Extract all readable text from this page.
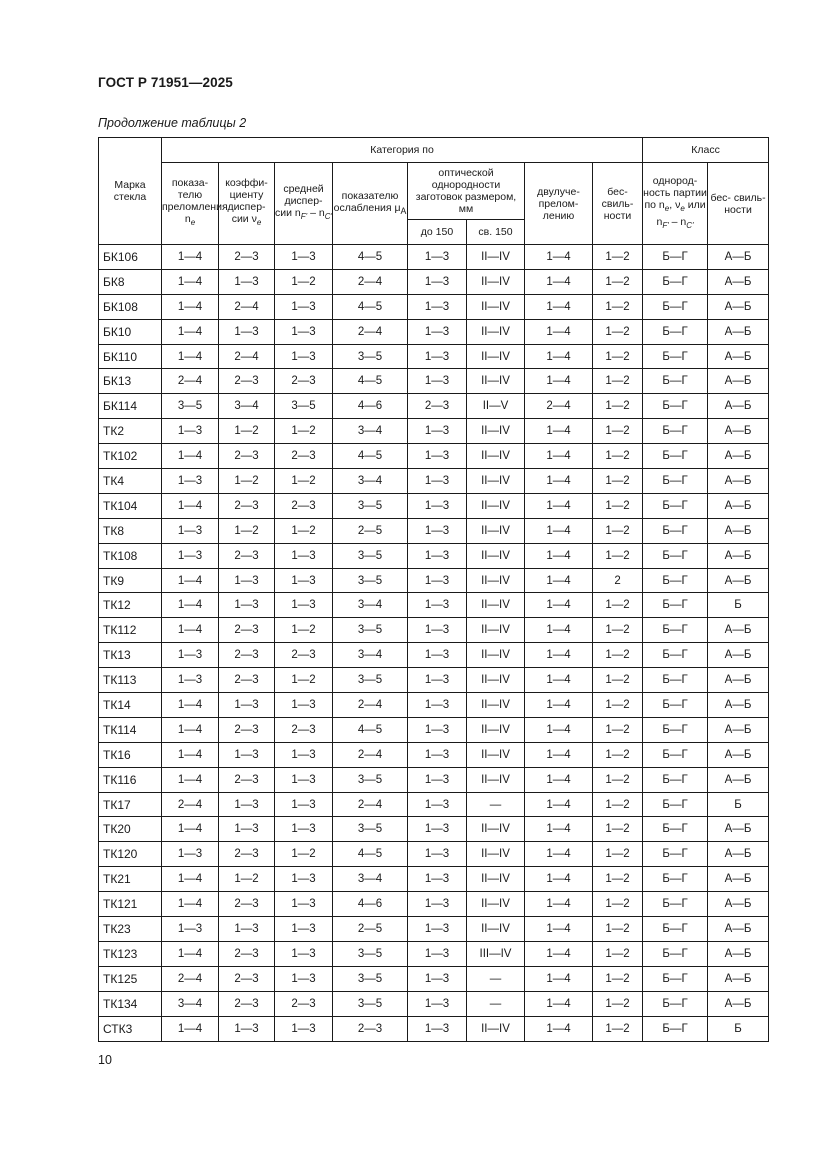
ГОСТ Р 71951—2025
Продолжение таблицы 2
Марка стекла	Категория по								Класс	
	показа- телю преломления $n_e$	коэффи- циенту диспер- сии $\nu_e$	средней диспер- сии $n_{F'} - n_{C'}$	показателю ослабления $\mu_A$	оптической однородности заготовок размером, мм		двулуче- прелом- лению	бес- свиль- ности	однород- ность партии по $n_e$, $\nu_e$ или $n_{F'} - n_{C'}$	бес- свиль- ности
					до 150	св. 150				
БК106	1—4	2—3	1—3	4—5	1—3	II—IV	1—4	1—2	Б—Г	А—Б
БК8	1—4	1—3	1—2	2—4	1—3	II—IV	1—4	1—2	Б—Г	А—Б
БК108	1—4	2—4	1—3	4—5	1—3	II—IV	1—4	1—2	Б—Г	А—Б
БК10	1—4	1—3	1—3	2—4	1—3	II—IV	1—4	1—2	Б—Г	А—Б
БК110	1—4	2—4	1—3	3—5	1—3	II—IV	1—4	1—2	Б—Г	А—Б
БК13	2—4	2—3	2—3	4—5	1—3	II—IV	1—4	1—2	Б—Г	А—Б
БК114	3—5	3—4	3—5	4—6	2—3	II—V	2—4	1—2	Б—Г	А—Б
ТК2	1—3	1—2	1—2	3—4	1—3	II—IV	1—4	1—2	Б—Г	А—Б
ТК102	1—4	2—3	2—3	4—5	1—3	II—IV	1—4	1—2	Б—Г	А—Б
ТК4	1—3	1—2	1—2	3—4	1—3	II—IV	1—4	1—2	Б—Г	А—Б
ТК104	1—4	2—3	2—3	3—5	1—3	II—IV	1—4	1—2	Б—Г	А—Б
ТК8	1—3	1—2	1—2	2—5	1—3	II—IV	1—4	1—2	Б—Г	А—Б
ТК108	1—3	2—3	1—3	3—5	1—3	II—IV	1—4	1—2	Б—Г	А—Б
ТК9	1—4	1—3	1—3	3—5	1—3	II—IV	1—4	2	Б—Г	А—Б
ТК12	1—4	1—3	1—3	3—4	1—3	II—IV	1—4	1—2	Б—Г	Б
ТК112	1—4	2—3	1—2	3—5	1—3	II—IV	1—4	1—2	Б—Г	А—Б
ТК13	1—3	2—3	2—3	3—4	1—3	II—IV	1—4	1—2	Б—Г	А—Б
ТК113	1—3	2—3	1—2	3—5	1—3	II—IV	1—4	1—2	Б—Г	А—Б
ТК14	1—4	1—3	1—3	2—4	1—3	II—IV	1—4	1—2	Б—Г	А—Б
ТК114	1—4	2—3	2—3	4—5	1—3	II—IV	1—4	1—2	Б—Г	А—Б
ТК16	1—4	1—3	1—3	2—4	1—3	II—IV	1—4	1—2	Б—Г	А—Б
ТК116	1—4	2—3	1—3	3—5	1—3	II—IV	1—4	1—2	Б—Г	А—Б
ТК17	2—4	1—3	1—3	2—4	1—3	—	1—4	1—2	Б—Г	Б
ТК20	1—4	1—3	1—3	3—5	1—3	II—IV	1—4	1—2	Б—Г	А—Б
ТК120	1—3	2—3	1—2	4—5	1—3	II—IV	1—4	1—2	Б—Г	А—Б
ТК21	1—4	1—2	1—3	3—4	1—3	II—IV	1—4	1—2	Б—Г	А—Б
ТК121	1—4	2—3	1—3	4—6	1—3	II—IV	1—4	1—2	Б—Г	А—Б
ТК23	1—3	1—3	1—3	2—5	1—3	II—IV	1—4	1—2	Б—Г	А—Б
ТК123	1—4	2—3	1—3	3—5	1—3	III—IV	1—4	1—2	Б—Г	А—Б
ТК125	2—4	2—3	1—3	3—5	1—3	—	1—4	1—2	Б—Г	А—Б
ТК134	3—4	2—3	2—3	3—5	1—3	—	1—4	1—2	Б—Г	А—Б
СТК3	1—4	1—3	1—3	2—3	1—3	II—IV	1—4	1—2	Б—Г	Б
10
